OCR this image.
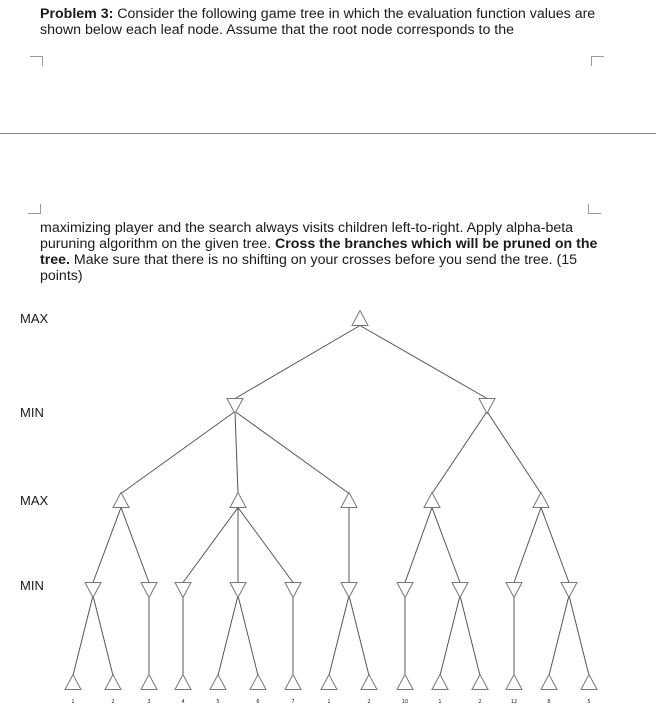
Problem 3: Consider the following game tree in which the evaluation function values are shown below each leaf node. Assume that the root node corresponds to the
maximizing player and the search always visits children left-to-right. Apply alpha-beta puruning algorithm on the given tree. Cross the branches which will be pruned on the tree. Make sure that there is no shifting on your crosses before you send the tree. (15 points)
MAX
MIN
MAX
MIN
1	2	3	4	5	6	7	1	2	10	1	2	12	8	5
